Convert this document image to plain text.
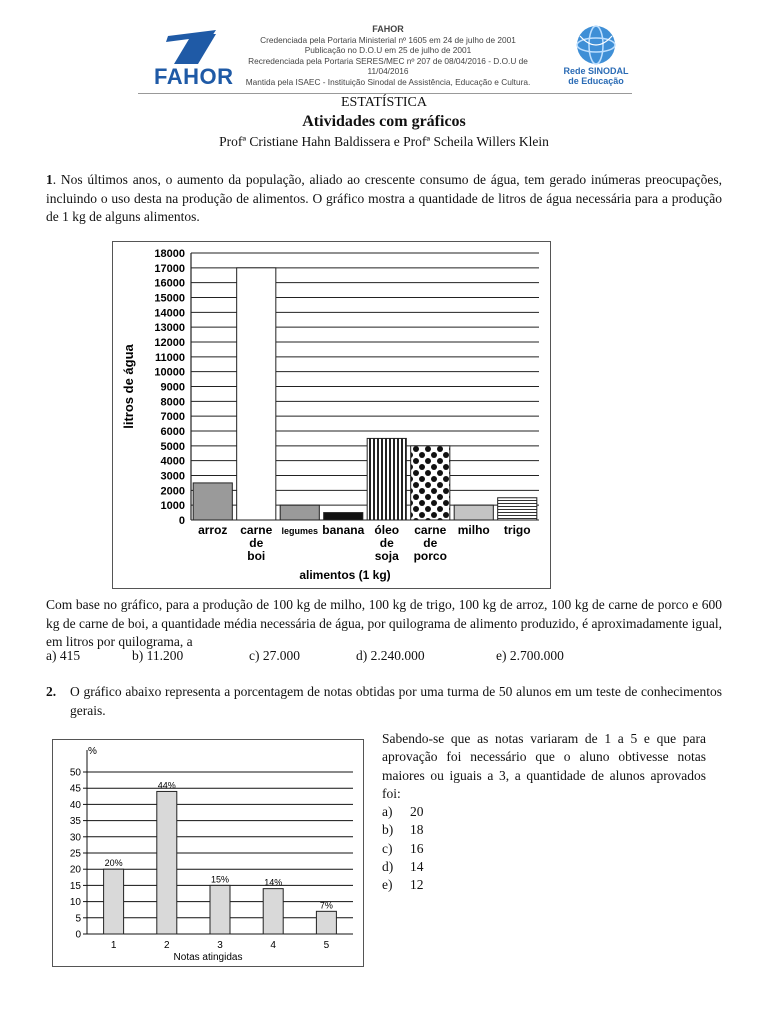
FAHOR
FAHOR
Credenciada pela Portaria Ministerial nº 1605 em 24 de julho de 2001
Publicação no D.O.U em 25 de julho de 2001
Recredenciada pela Portaria SERES/MEC nº 207 de 08/04/2016 - D.O.U de 11/04/2016
Mantida pela ISAEC - Instituição Sinodal de Assistência, Educação e Cultura.
Rede SINODAL
de Educação
ESTATÍSTICA
Atividades com gráficos
Profª Cristiane Hahn Baldissera e Profª Scheila Willers Klein
1. Nos últimos anos, o aumento da população, aliado ao crescente consumo de água, tem gerado inúmeras preocupações, incluindo o uso desta na produção de alimentos. O gráfico mostra a quantidade de litros de água necessária para a produção de 1 kg de alguns alimentos.
0
1000
2000
3000
4000
5000
6000
7000
8000
9000
10000
11000
12000
13000
14000
15000
16000
17000
18000
arroz carne
de
boi
legumes banana óleo
de
soja
carne
de
porco
milho trigo
alimentos (1 kg)
litros de água
Com base no gráfico, para a produção de 100 kg de milho, 100 kg de trigo, 100 kg de arroz, 100 kg de carne de porco e 600 kg de carne de boi, a quantidade média necessária de água, por quilograma de alimento produzido, é aproximadamente igual, em litros por quilograma, a
a) 415	b) 11.200	c) 27.000	d) 2.240.000	e) 2.700.000
2. O gráfico abaixo representa a porcentagem de notas obtidas por uma turma de 50 alunos em um teste de conhecimentos gerais.
0
5
10
15
20
25
30
35
40
45
50
%
20%
1
44%
2
15%
3
14%
4
7%
5
Notas atingidas
Sabendo-se que as notas variaram de 1 a 5 e que para aprovação foi necessário que o aluno obtivesse notas maiores ou iguais a 3, a quantidade de alunos aprovados foi:
a)	20
b)	18
c)	16
d)	14
e)	12
